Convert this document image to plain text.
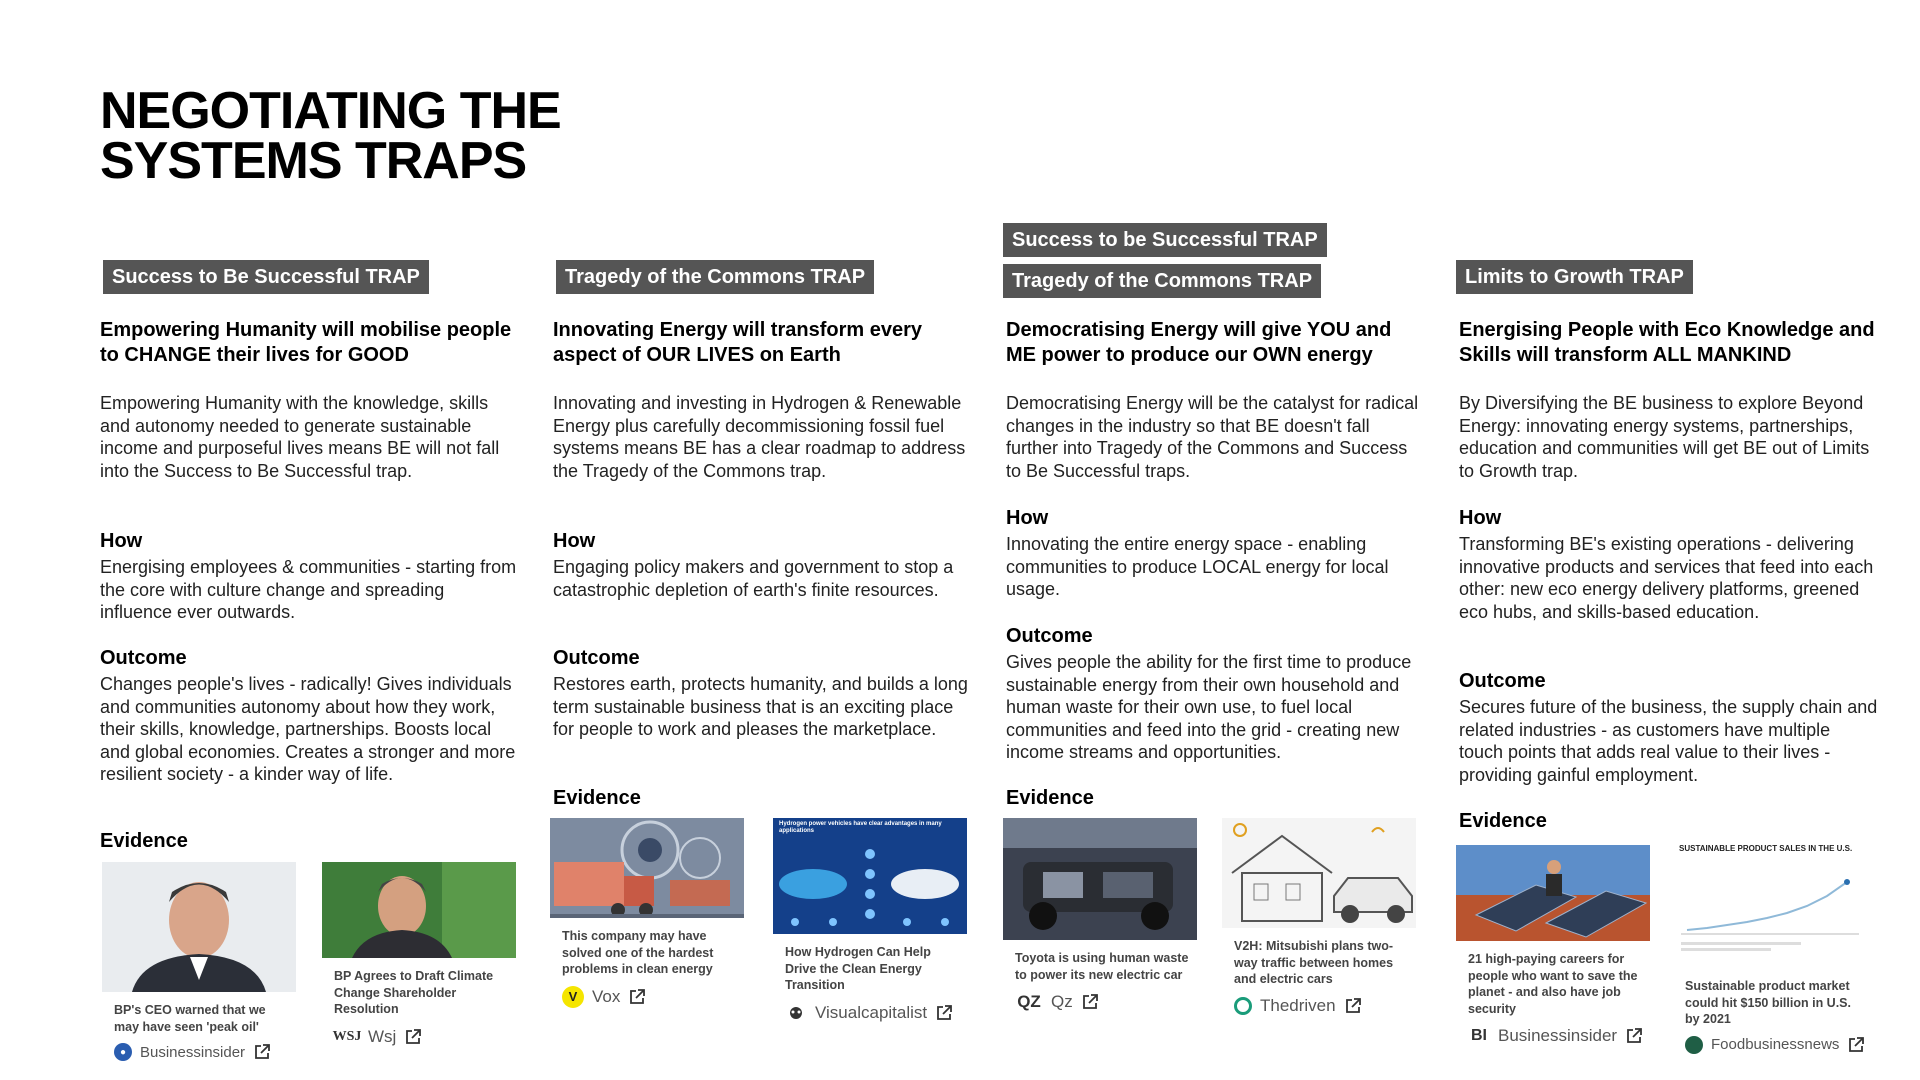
NEGOTIATING THE
SYSTEMS TRAPS
Success to Be Successful TRAP
Empowering Humanity will mobilise people to CHANGE their lives for GOOD
Empowering Humanity with the knowledge, skills and autonomy needed to generate sustainable income and purposeful lives means BE will not fall into the Success to Be Successful trap.
How
Energising employees & communities - starting from the core with culture change and spreading influence ever outwards.
Outcome
Changes people's lives - radically! Gives individuals and communities autonomy about how they work, their skills, knowledge, partnerships. Boosts local and global economies. Creates a stronger and more resilient society - a kinder way of life.
Evidence
BP's CEO warned that we may have seen 'peak oil'
● Businessinsider
BP Agrees to Draft Climate Change Shareholder Resolution
WSJ Wsj
Tragedy of the Commons TRAP
Innovating Energy will transform every aspect of OUR LIVES on Earth
Innovating and investing in Hydrogen & Renewable Energy plus carefully decommissioning fossil fuel systems means BE has a clear roadmap to address the Tragedy of the Commons trap.
How
Engaging policy makers and government to stop a catastrophic depletion of earth's finite resources.
Outcome
Restores earth, protects humanity, and builds a long term sustainable business that is an exciting place for people to work and pleases the marketplace.
Evidence
This company may have solved one of the hardest problems in clean energy
V Vox
Hydrogen power vehicles have clear advantages in many applications
How Hydrogen Can Help Drive the Clean Energy Transition
Visualcapitalist
Success to be Successful TRAP
Tragedy of the Commons TRAP
Democratising Energy will give YOU and ME power to produce our OWN energy
Democratising Energy will be the catalyst for radical changes in the industry so that BE doesn't fall further into Tragedy of the Commons and Success to Be Successful traps.
How
Innovating the entire energy space - enabling communities to produce LOCAL energy for local usage.
Outcome
Gives people the ability for the first time to produce sustainable energy from their own household and human waste for their own use, to fuel local communities and feed into the grid - creating new income streams and opportunities.
Evidence
Toyota is using human waste to power its new electric car
QZ Qz
V2H: Mitsubishi plans two-way traffic between homes and electric cars
Thedriven
Limits to Growth TRAP
Energising People with Eco Knowledge and Skills will transform ALL MANKIND
By Diversifying the BE business to explore Beyond Energy: innovating energy systems, partnerships, education and communities will get BE out of Limits to Growth trap.
How
Transforming BE's existing operations - delivering innovative products and services that feed into each other: new eco energy delivery platforms, greened eco hubs, and skills-based education.
Outcome
Secures future of the business, the supply chain and related industries - as customers have multiple touch points that adds real value to their lives - providing gainful employment.
Evidence
21 high-paying careers for people who want to save the planet - and also have job security
BI Businessinsider
SUSTAINABLE PRODUCT SALES IN THE U.S.
Sustainable product market could hit $150 billion in U.S. by 2021
Foodbusinessnews
